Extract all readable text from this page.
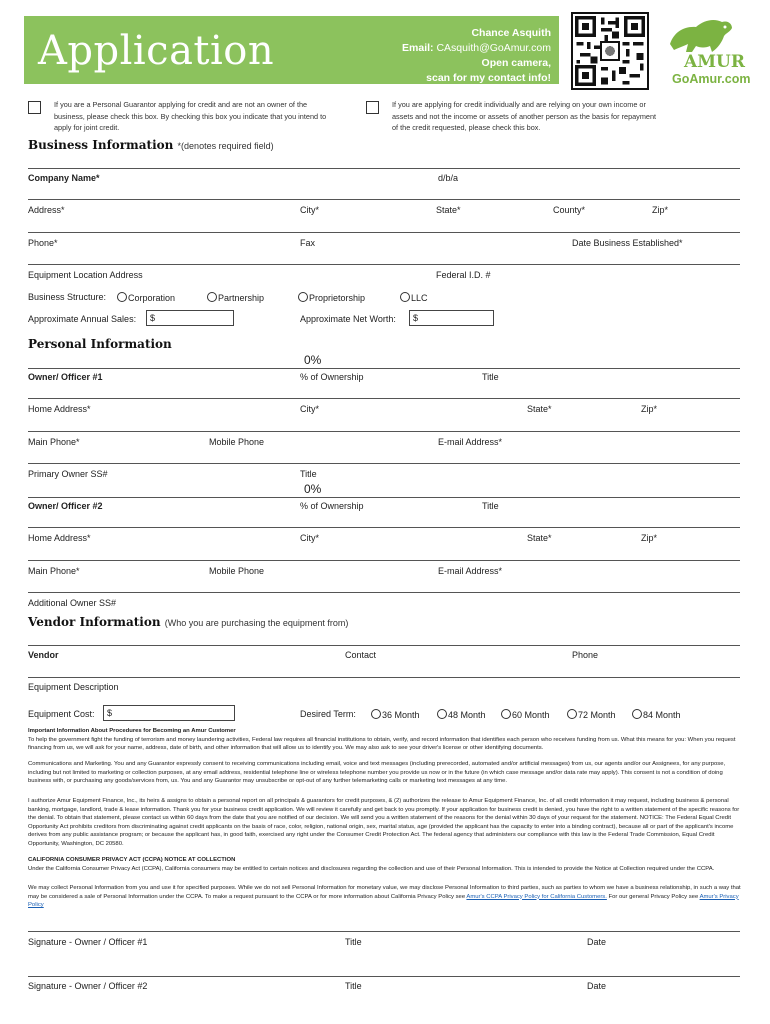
Application	Chance Asquith
Email: CAsquith@GoAmur.com
Open camera,
scan for my contact info!
AMUR
GoAmur.com
If you are a Personal Guarantor applying for credit and are not an owner of the business, please check this box. By checking this box you indicate that you intend to apply for joint credit.
If you are applying for credit individually and are relying on your own income or assets and not the income or assets of another person as the basis for repayment of the credit requested, please check this box.
Business Information *(denotes required field)
Company Name*	d/b/a
Address*	City*	State*	County*	Zip*
Phone*	Fax	Date Business Established*
Equipment Location Address	Federal I.D. #
Business Structure:	Corporation	Partnership	Proprietorship	LLC
Approximate Annual Sales:	$	Approximate Net Worth:	$
Personal Information
0%
Owner/ Officer #1	% of Ownership	Title
Home Address*	City*	State*	Zip*
Main Phone*	Mobile Phone	E-mail Address*
Primary Owner SS#	Title
0%
Owner/ Officer #2	% of Ownership	Title
Home Address*	City*	State*	Zip*
Main Phone*	Mobile Phone	E-mail Address*
Additional Owner SS#
Vendor Information (Who you are purchasing the equipment from)
Vendor	Contact	Phone
Equipment Description
Equipment Cost:	$	Desired Term:	36 Month	48 Month	60 Month	72 Month	84 Month
Important Information About Procedures for Becoming an Amur Customer
To help the government fight the funding of terrorism and money laundering activities, Federal law requires all financial institutions to obtain, verify, and record information that identifies each person who receives funding from us. What this means for you: When you request financing from us, we will ask for your name, address, date of birth, and other information that will allow us to identify you. We may also ask to see your driver's license or other identifying documents.
Communications and Marketing. You and any Guarantor expressly consent to receiving communications including email, voice and text messages (including prerecorded, automated and/or artificial messages) from us, our agents and/or our Assignees, for any purpose, including but not limited to marketing or collection purposes, at any email address, residential telephone line or wireless telephone number you provide us now or in the future (in which case message and/or data rate may apply). This consent is not a condition of doing business with, or purchasing any goods/services from, us. You and any Guarantor may unsubscribe or opt-out of any further telemarketing calls or marketing text messages at any time.
I authorize Amur Equipment Finance, Inc., its heirs & assigns to obtain a personal report on all principals & guarantors for credit purposes, & (2) authorizes the release to Amur Equipment Finance, Inc. of all credit information it may request, including business & personal banking, mortgage, landlord, trade & lease information. Thank you for your business credit application. We will review it carefully and get back to you promptly. If your application for business credit is denied, you have the right to a written statement of the specific reasons for the denial. To obtain that statement, please contact us within 60 days from the date that you are notified of our decision. We will send you a written statement of the reasons for the denial within 30 days of your request for the statement. NOTICE: The Federal Equal Credit Opportunity Act prohibits creditors from discriminating against credit applicants on the basis of race, color, religion, national origin, sex, marital status, age (provided the applicant has the capacity to enter into a binding contract), because all or part of the applicant's income derives from any public assistance program; or because the applicant has, in good faith, exercised any right under the Consumer Credit Protection Act. The federal agency that administers our compliance with this law is the Federal Trade Commission, Equal Credit Opportunity, Washington, DC 20580.
CALIFORNIA CONSUMER PRIVACY ACT (CCPA) NOTICE AT COLLECTION
Under the California Consumer Privacy Act (CCPA), California consumers may be entitled to certain notices and disclosures regarding the collection and use of their Personal Information. This is intended to provide the Notice at Collection required under the CCPA.
We may collect Personal Information from you and use it for specified purposes. While we do not sell Personal Information for monetary value, we may disclose Personal Information to third parties, such as parties to whom we have a business relationship, in such a way that may be considered a sale of Personal Information under the CCPA. To make a request pursuant to the CCPA or for more information about California Privacy Policy see Amur's CCPA Privacy Policy for California Customers. For our general Privacy Policy see Amur's Privacy Policy
Signature - Owner / Officer #1	Title	Date
Signature - Owner / Officer #2	Title	Date
